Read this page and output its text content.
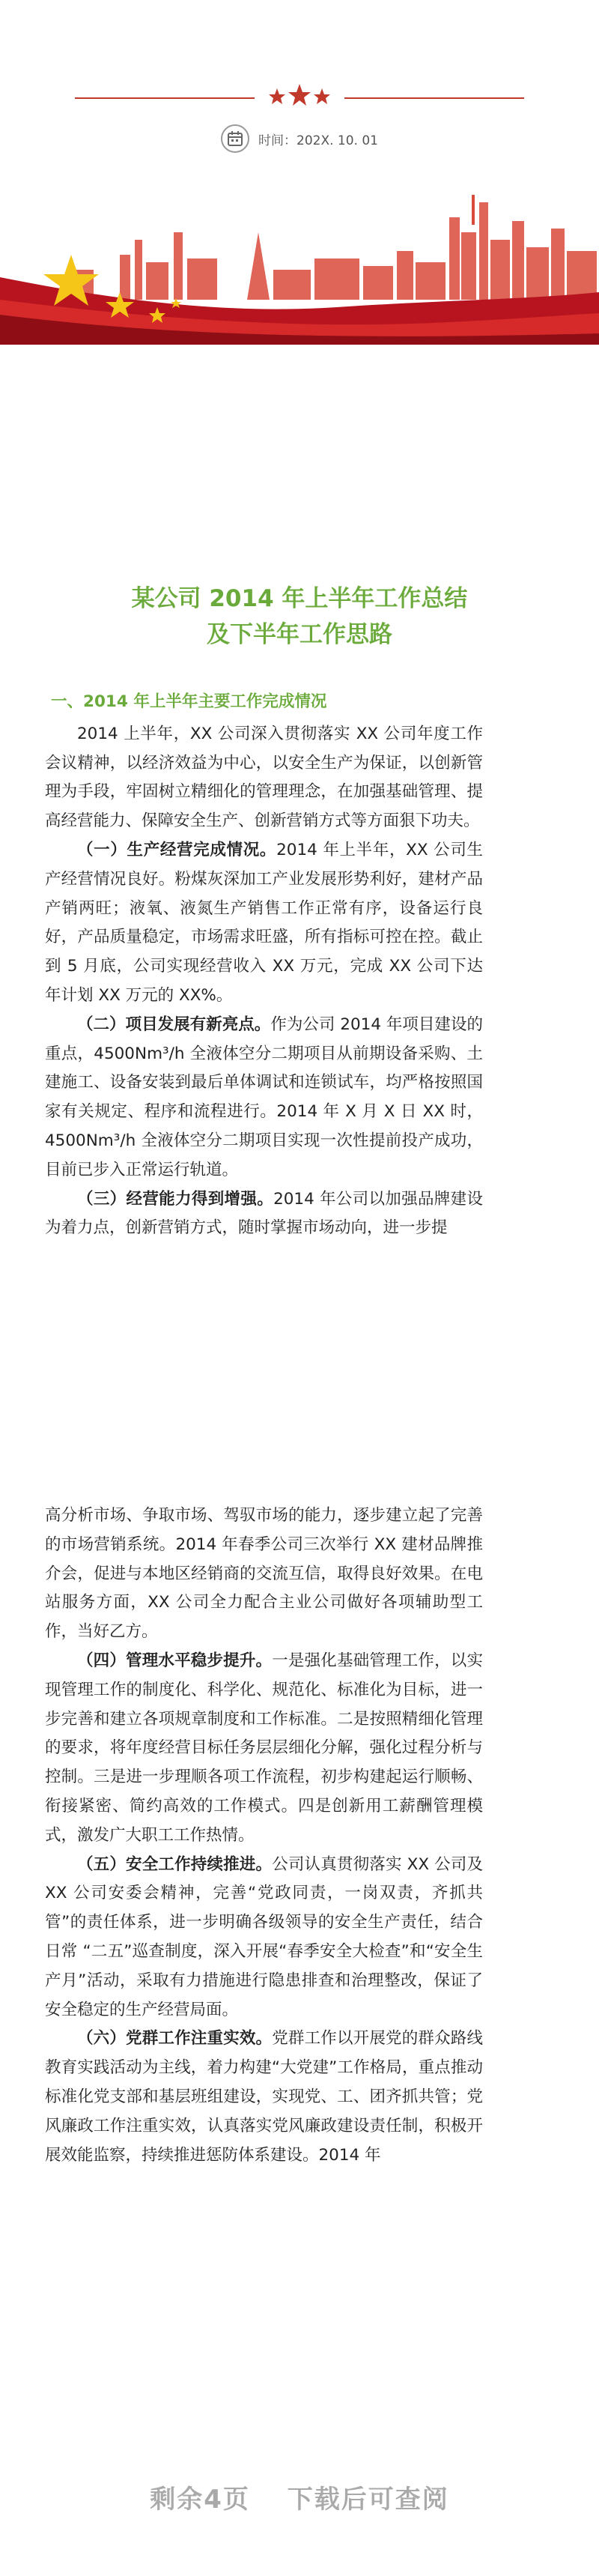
时间：202X. 10. 01
某公司 2014 年上半年工作总结
及下半年工作思路

一、2014 年上半年主要工作完成情况

2014 上半年，XX 公司深入贯彻落实 XX 公司年度工作会议精神，以经济效益为中心，以安全生产为保证，以创新管理为手段，牢固树立精细化的管理理念，在加强基础管理、提高经营能力、保障安全生产、创新营销方式等方面狠下功夫。

（一）生产经营完成情况。2014 年上半年，XX 公司生产经营情况良好。粉煤灰深加工产业发展形势利好，建材产品产销两旺；液氧、液氮生产销售工作正常有序，设备运行良好，产品质量稳定，市场需求旺盛，所有指标可控在控。截止到 5 月底，公司实现经营收入 XX 万元，完成 XX 公司下达年计划 XX 万元的 XX%。

（二）项目发展有新亮点。作为公司 2014 年项目建设的重点，4500Nm³/h 全液体空分二期项目从前期设备采购、土建施工、设备安装到最后单体调试和连锁试车，均严格按照国家有关规定、程序和流程进行。2014 年 X 月 X 日 XX 时，4500Nm³/h 全液体空分二期项目实现一次性提前投产成功，目前已步入正常运行轨道。

（三）经营能力得到增强。2014 年公司以加强品牌建设为着力点，创新营销方式，随时掌握市场动向，进一步提

高分析市场、争取市场、驾驭市场的能力，逐步建立起了完善的市场营销系统。2014 年春季公司三次举行 XX 建材品牌推介会，促进与本地区经销商的交流互信，取得良好效果。在电站服务方面，XX 公司全力配合主业公司做好各项辅助型工作，当好乙方。

（四）管理水平稳步提升。一是强化基础管理工作，以实现管理工作的制度化、科学化、规范化、标准化为目标，进一步完善和建立各项规章制度和工作标准。二是按照精细化管理的要求，将年度经营目标任务层层细化分解，强化过程分析与控制。三是进一步理顺各项工作流程，初步构建起运行顺畅、衔接紧密、简约高效的工作模式。四是创新用工薪酬管理模式，激发广大职工工作热情。

（五）安全工作持续推进。公司认真贯彻落实 XX 公司及 XX 公司安委会精神，完善“党政同责，一岗双责，齐抓共管”的责任体系，进一步明确各级领导的安全生产责任，结合日常 “二五”巡查制度，深入开展“春季安全大检查”和“安全生产月”活动，采取有力措施进行隐患排查和治理整改，保证了安全稳定的生产经营局面。

（六）党群工作注重实效。党群工作以开展党的群众路线教育实践活动为主线，着力构建“大党建”工作格局，重点推动标准化党支部和基层班组建设，实现党、工、团齐抓共管；党风廉政工作注重实效，认真落实党风廉政建设责任制，积极开展效能监察，持续推进惩防体系建设。2014 年

剩余4页 下载后可查阅
